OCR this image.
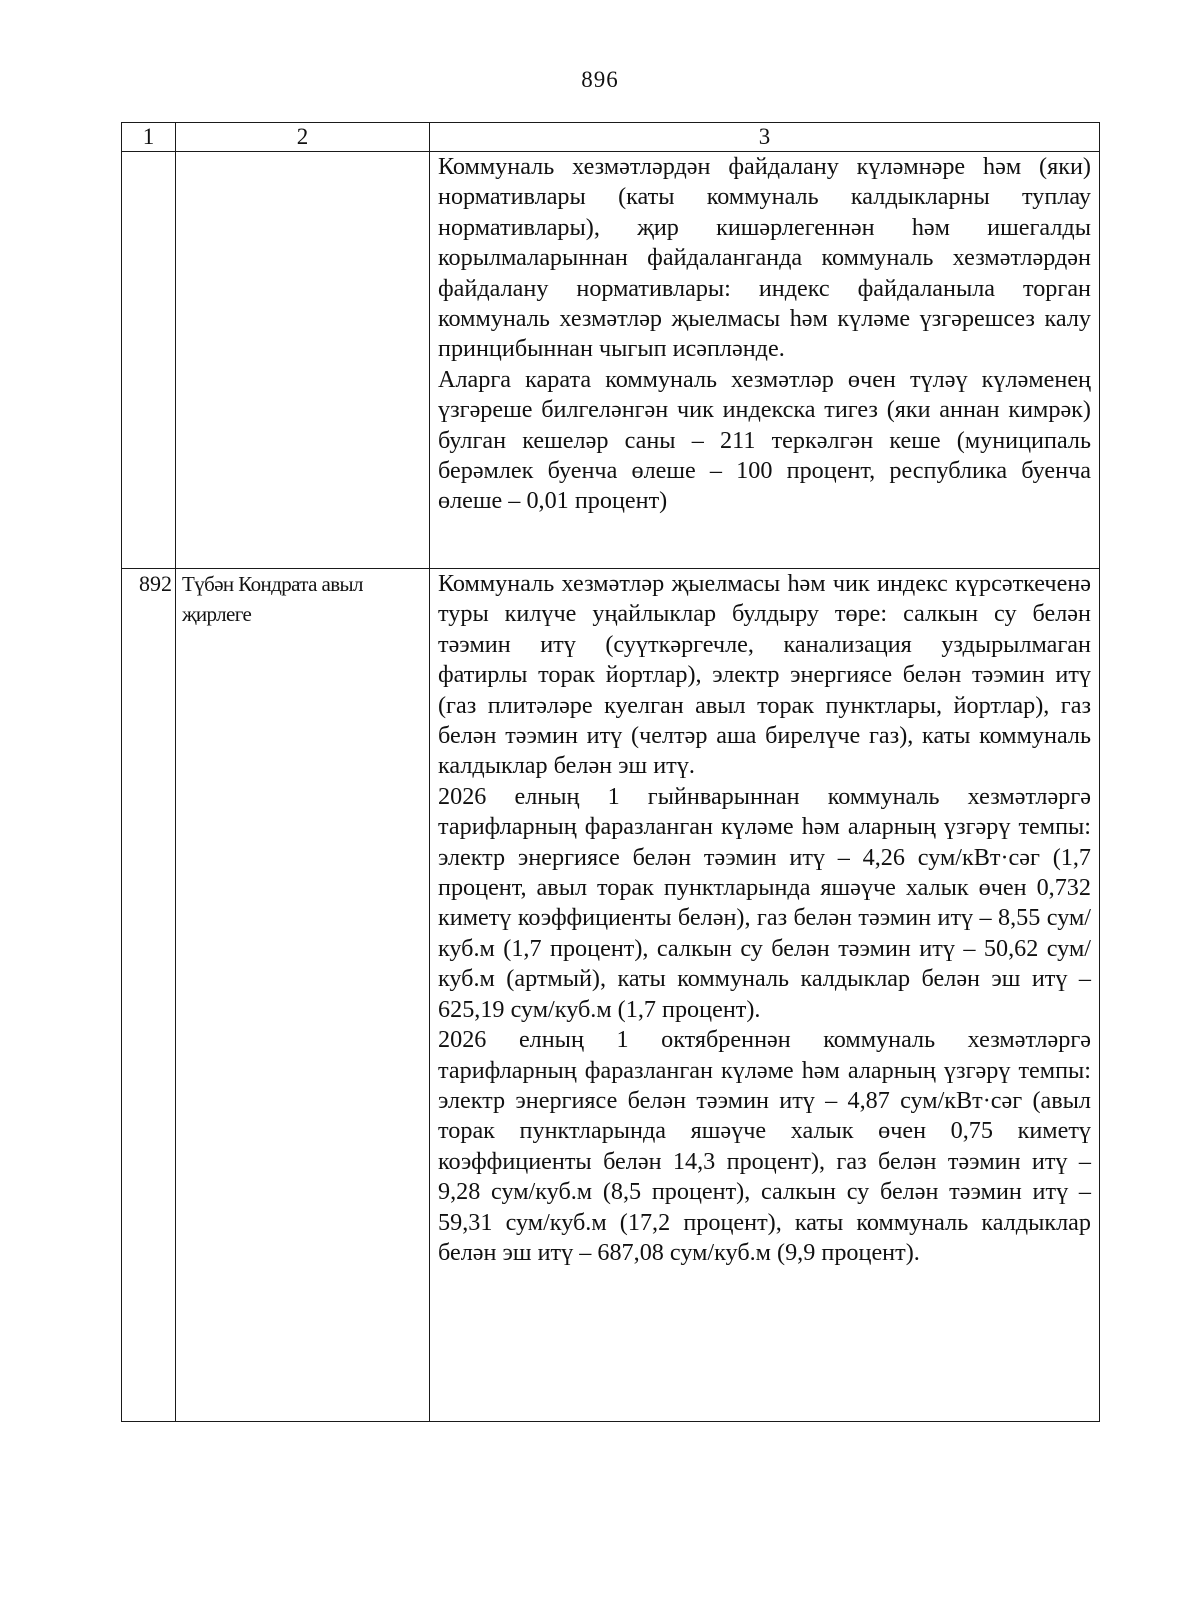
896
1	2	3

		Коммуналь хезмәтләрдән файдалану күләмнәре һәм (яки) нормативлары (каты коммуналь калдыкларны туплау нормативлары), җир кишәрлегеннән һәм ишегалды корылмаларыннан файдаланганда коммуналь хезмәтләрдән файдалану нормативлары: индекс файдаланыла торган коммуналь хезмәтләр җыелмасы һәм күләме үзгәрешсез калу принцибыннан чыгып исәпләнде.

Аларга карата коммуналь хезмәтләр өчен түләү күләменең үзгәреше билгеләнгән чик индекска тигез (яки аннан кимрәк) булган кешеләр саны – 211 теркәлгән кеше (муниципаль берәмлек буенча өлеше – 100 процент, республика буенча өлеше – 0,01 процент)

892	Түбән Кондрата авыл җирлеге	Коммуналь хезмәтләр җыелмасы һәм чик индекс күрсәткеченә туры килүче уңайлыклар булдыру төре: салкын су белән тәэмин итү (суүткәргечле, канализация уздырылмаган фатирлы торак йортлар), электр энергиясе белән тәэмин итү (газ плитәләре куелган авыл торак пунктлары, йортлар), газ белән тәэмин итү (челтәр аша бирелүче газ), каты коммуналь калдыклар белән эш итү.

2026 елның 1 гыйнварыннан коммуналь хезмәтләргә тарифларның фаразланган күләме һәм аларның үзгәрү темпы: электр энергиясе белән тәэмин итү – 4,26 сум/кВт·сәг (1,7 процент, авыл торак пунктларында яшәүче халык өчен 0,732 киметү коэффициенты белән), газ белән тәэмин итү – 8,55 сум/куб.м (1,7 процент), салкын су белән тәэмин итү – 50,62 сум/куб.м (артмый), каты коммуналь калдыклар белән эш итү – 625,19 сум/куб.м (1,7 процент).

2026 елның 1 октябреннән коммуналь хезмәтләргә тарифларның фаразланган күләме һәм аларның үзгәрү темпы: электр энергиясе белән тәэмин итү – 4,87 сум/кВт·сәг (авыл торак пунктларында яшәүче халык өчен 0,75 киметү коэффициенты белән 14,3 процент), газ белән тәэмин итү – 9,28 сум/куб.м (8,5 процент), салкын су белән тәэмин итү – 59,31 сум/куб.м (17,2 процент), каты коммуналь калдыклар белән эш итү – 687,08 сум/куб.м (9,9 процент).
